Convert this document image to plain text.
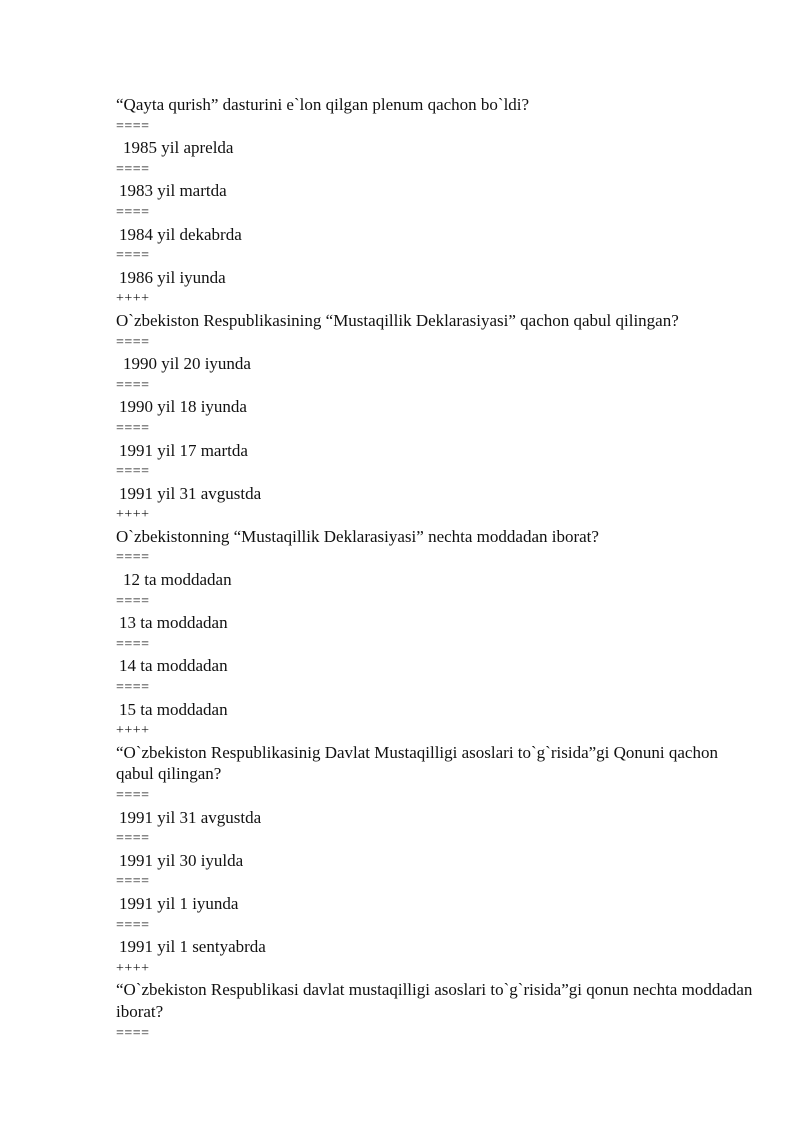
“Qayta qurish” dasturini e`lon qilgan plenum qachon bo`ldi?
====
1985 yil aprelda
====
1983 yil martda
====
1984 yil dekabrda
====
1986 yil iyunda
++++
O`zbekiston Respublikasining “Mustaqillik Deklarasiyasi” qachon qabul qilingan?
====
1990 yil 20 iyunda
====
1990 yil 18 iyunda
====
1991 yil 17 martda
====
1991 yil 31 avgustda
++++
O`zbekistonning “Mustaqillik Deklarasiyasi” nechta moddadan iborat?
====
12 ta moddadan
====
13 ta moddadan
====
14 ta moddadan
====
15 ta moddadan
++++
“O`zbekiston Respublikasinig Davlat Mustaqilligi asoslari to`g`risida”gi Qonuni qachon qabul qilingan?
====
1991 yil 31 avgustda
====
1991 yil 30 iyulda
====
1991 yil 1 iyunda
====
1991 yil 1 sentyabrda
++++
“O`zbekiston Respublikasi davlat mustaqilligi asoslari to`g`risida”gi qonun nechta moddadan iborat?
====
